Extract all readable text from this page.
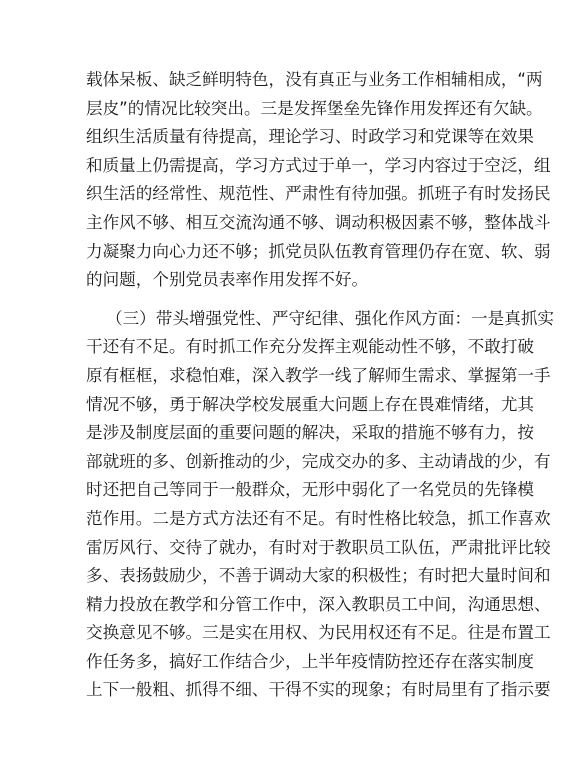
载体呆板、缺乏鲜明特色，没有真正与业务工作相辅相成，“两
层皮”的情况比较突出。三是发挥堡垒先锋作用发挥还有欠缺。
组织生活质量有待提高，理论学习、时政学习和党课等在效果
和质量上仍需提高，学习方式过于单一，学习内容过于空泛，组
织生活的经常性、规范性、严肃性有待加强。抓班子有时发扬民
主作风不够、相互交流沟通不够、调动积极因素不够，整体战斗
力凝聚力向心力还不够；抓党员队伍教育管理仍存在宽、软、弱
的问题，个别党员表率作用发挥不好。
（三）带头增强党性、严守纪律、强化作风方面：一是真抓实
干还有不足。有时抓工作充分发挥主观能动性不够，不敢打破
原有框框，求稳怕难，深入教学一线了解师生需求、掌握第一手
情况不够，勇于解决学校发展重大问题上存在畏难情绪，尤其
是涉及制度层面的重要问题的解决，采取的措施不够有力，按
部就班的多、创新推动的少，完成交办的多、主动请战的少，有
时还把自己等同于一般群众，无形中弱化了一名党员的先锋模
范作用。二是方式方法还有不足。有时性格比较急，抓工作喜欢
雷厉风行、交待了就办，有时对于教职员工队伍，严肃批评比较
多、表扬鼓励少，不善于调动大家的积极性；有时把大量时间和
精力投放在教学和分管工作中，深入教职员工中间，沟通思想、
交换意见不够。三是实在用权、为民用权还有不足。往是布置工
作任务多，搞好工作结合少，上半年疫情防控还存在落实制度
上下一般粗、抓得不细、干得不实的现象；有时局里有了指示要
